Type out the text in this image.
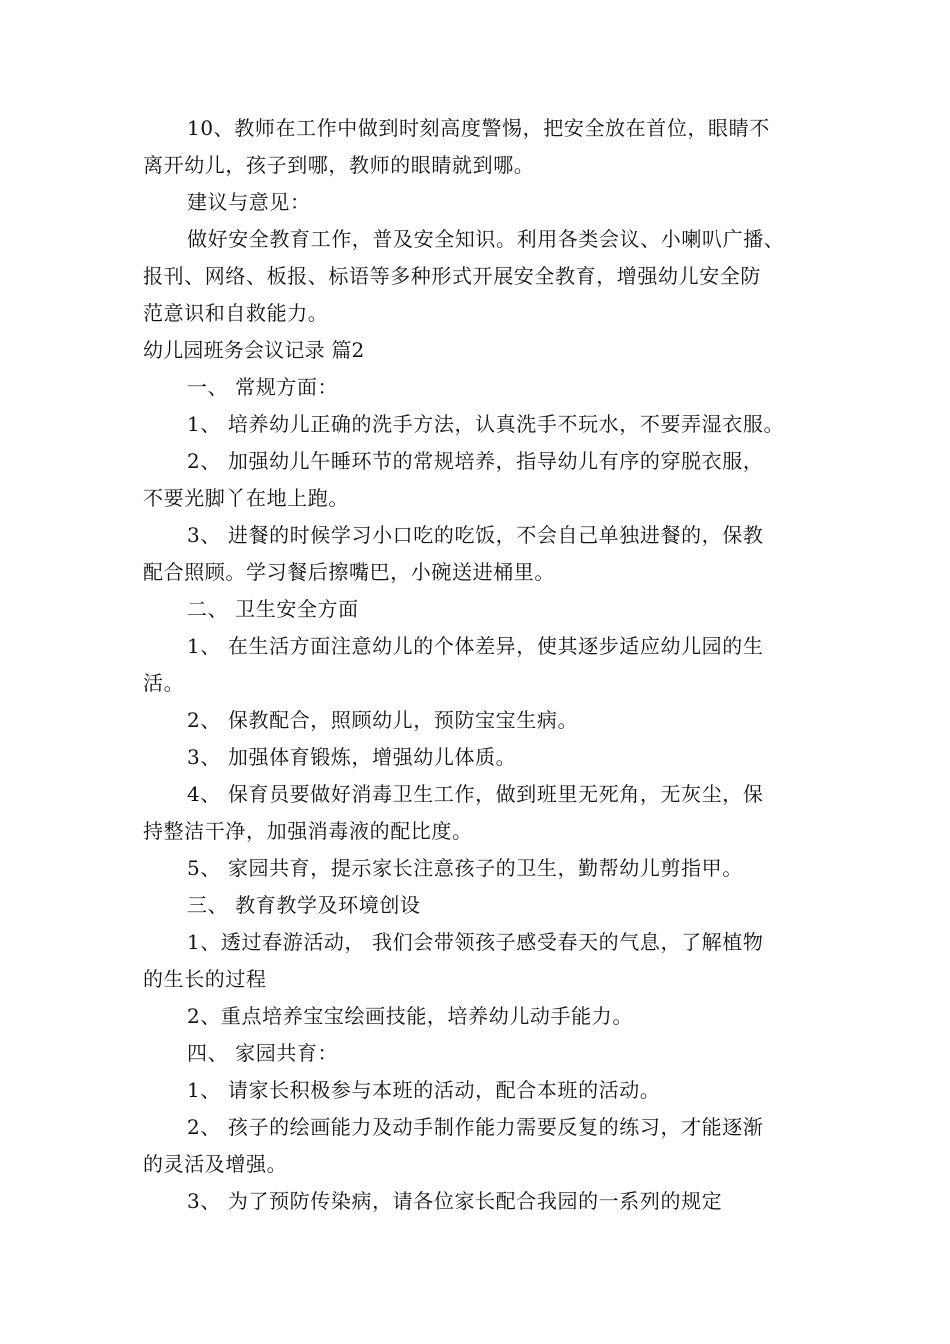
10、教师在工作中做到时刻高度警惕，把安全放在首位，眼睛不
离开幼儿，孩子到哪，教师的眼睛就到哪。
建议与意见：
做好安全教育工作，普及安全知识。利用各类会议、小喇叭广播、
报刊、网络、板报、标语等多种形式开展安全教育，增强幼儿安全防
范意识和自救能力。
幼儿园班务会议记录 篇2
一、 常规方面：
1、 培养幼儿正确的洗手方法，认真洗手不玩水，不要弄湿衣服。
2、 加强幼儿午睡环节的常规培养，指导幼儿有序的穿脱衣服，
不要光脚丫在地上跑。
3、 进餐的时候学习小口吃的吃饭，不会自己单独进餐的，保教
配合照顾。学习餐后擦嘴巴，小碗送进桶里。
二、 卫生安全方面
1、 在生活方面注意幼儿的个体差异，使其逐步适应幼儿园的生
活。
2、 保教配合，照顾幼儿，预防宝宝生病。
3、 加强体育锻炼，增强幼儿体质。
4、 保育员要做好消毒卫生工作，做到班里无死角，无灰尘，保
持整洁干净，加强消毒液的配比度。
5、 家园共育，提示家长注意孩子的卫生，勤帮幼儿剪指甲。
三、 教育教学及环境创设
1、透过春游活动， 我们会带领孩子感受春天的气息，了解植物
的生长的过程
2、重点培养宝宝绘画技能，培养幼儿动手能力。
四、 家园共育：
1、 请家长积极参与本班的活动，配合本班的活动。
2、 孩子的绘画能力及动手制作能力需要反复的练习，才能逐渐
的灵活及增强。
3、 为了预防传染病，请各位家长配合我园的一系列的规定
